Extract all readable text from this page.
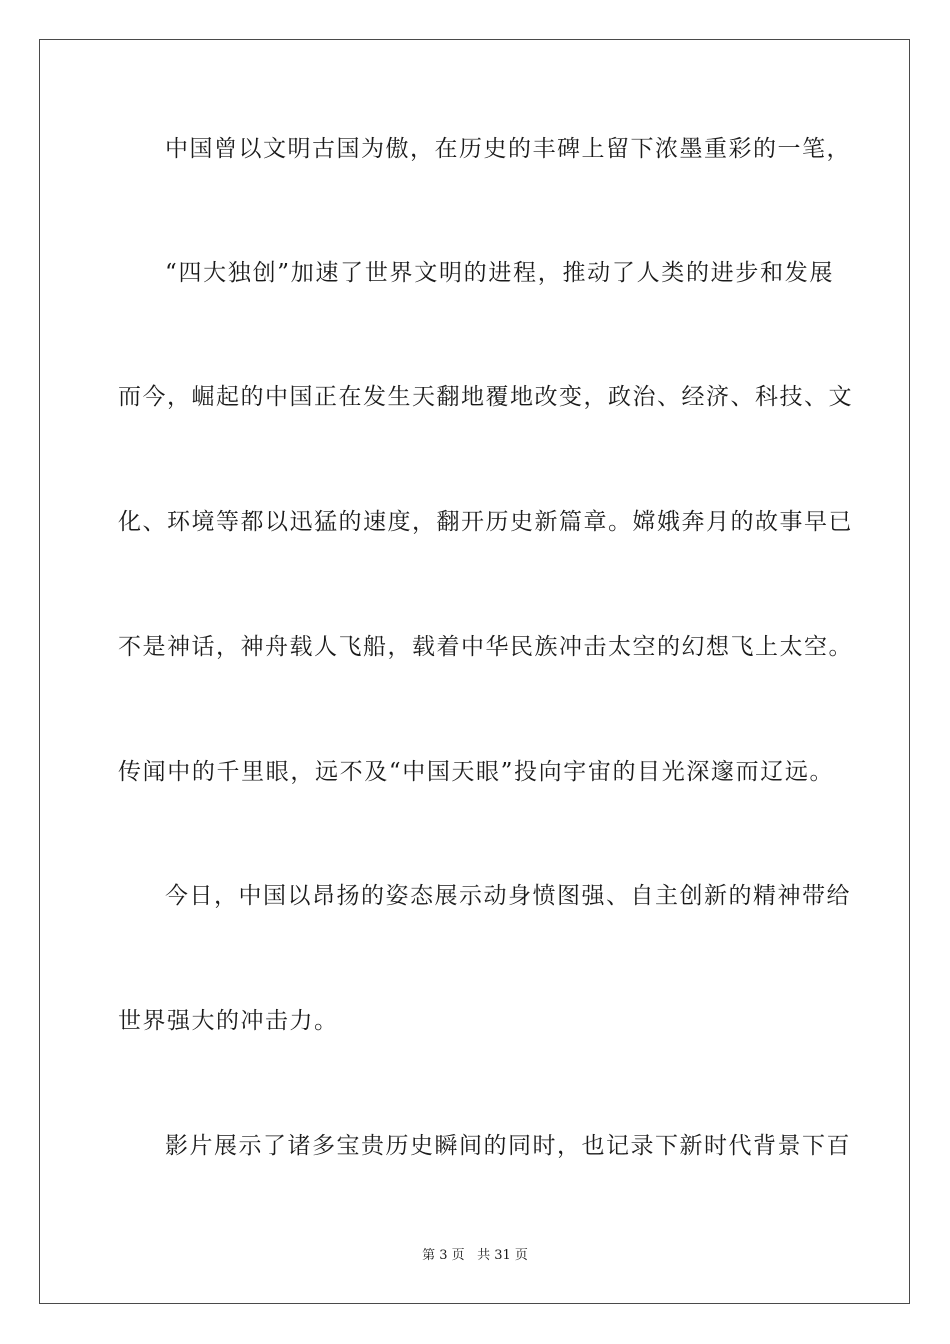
中国曾以文明古国为傲，在历史的丰碑上留下浓墨重彩的一笔，
“四大独创”加速了世界文明的进程，推动了人类的进步和发展
而今，崛起的中国正在发生天翻地覆地改变，政治、经济、科技、文
化、环境等都以迅猛的速度，翻开历史新篇章。嫦娥奔月的故事早已
不是神话，神舟载人飞船，载着中华民族冲击太空的幻想飞上太空。
传闻中的千里眼，远不及“中国天眼”投向宇宙的目光深邃而辽远。
今日，中国以昂扬的姿态展示动身愤图强、自主创新的精神带给
世界强大的冲击力。
影片展示了诸多宝贵历史瞬间的同时，也记录下新时代背景下百
第 3 页 共 31 页
